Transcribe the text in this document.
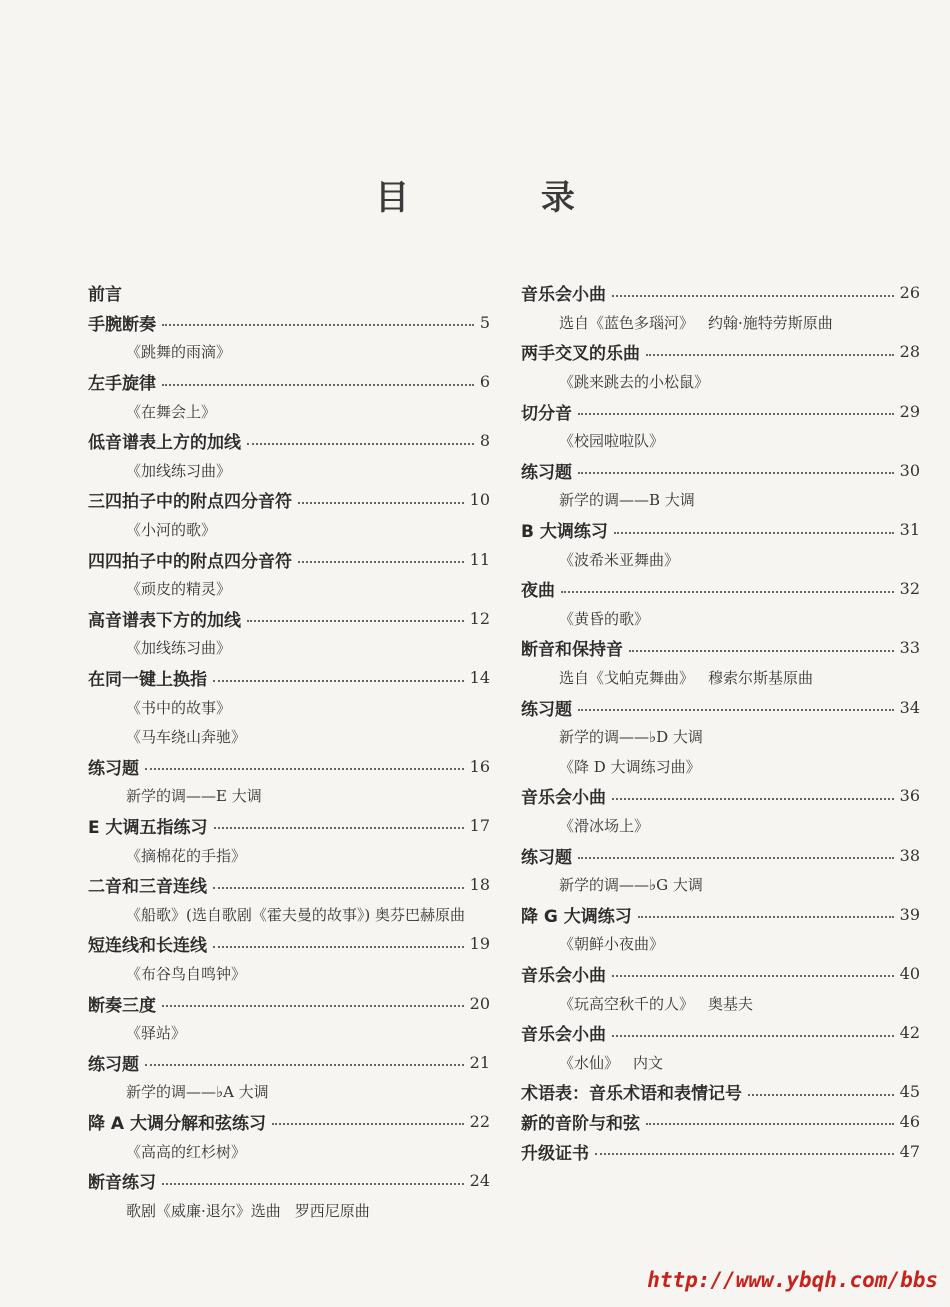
目 录
前言
手腕断奏	5
《跳舞的雨滴》
左手旋律	6
《在舞会上》
低音谱表上方的加线	8
《加线练习曲》
三四拍子中的附点四分音符	10
《小河的歌》
四四拍子中的附点四分音符	11
《顽皮的精灵》
高音谱表下方的加线	12
《加线练习曲》
在同一键上换指	14
《书中的故事》
《马车绕山奔驰》
练习题	16
新学的调——E 大调
E 大调五指练习	17
《摘棉花的手指》
二音和三音连线	18
《船歌》(选自歌剧《霍夫曼的故事》) 奥芬巴赫原曲
短连线和长连线	19
《布谷鸟自鸣钟》
断奏三度	20
《驿站》
练习题	21
新学的调——♭A 大调
降 A 大调分解和弦练习	22
《高高的红杉树》
断音练习	24
歌剧《威廉·退尔》选曲 罗西尼原曲
音乐会小曲	26
选自《蓝色多瑙河》 约翰·施特劳斯原曲
两手交叉的乐曲	28
《跳来跳去的小松鼠》
切分音	29
《校园啦啦队》
练习题	30
新学的调——B 大调
B 大调练习	31
《波希米亚舞曲》
夜曲	32
《黄昏的歌》
断音和保持音	33
选自《戈帕克舞曲》 穆索尔斯基原曲
练习题	34
新学的调——♭D 大调
《降 D 大调练习曲》
音乐会小曲	36
《滑冰场上》
练习题	38
新学的调——♭G 大调
降 G 大调练习	39
《朝鲜小夜曲》
音乐会小曲	40
《玩高空秋千的人》 奥基夫
音乐会小曲	42
《水仙》 内文
术语表：音乐术语和表情记号	45
新的音阶与和弦	46
升级证书	47
http://www.ybqh.com/bbs
